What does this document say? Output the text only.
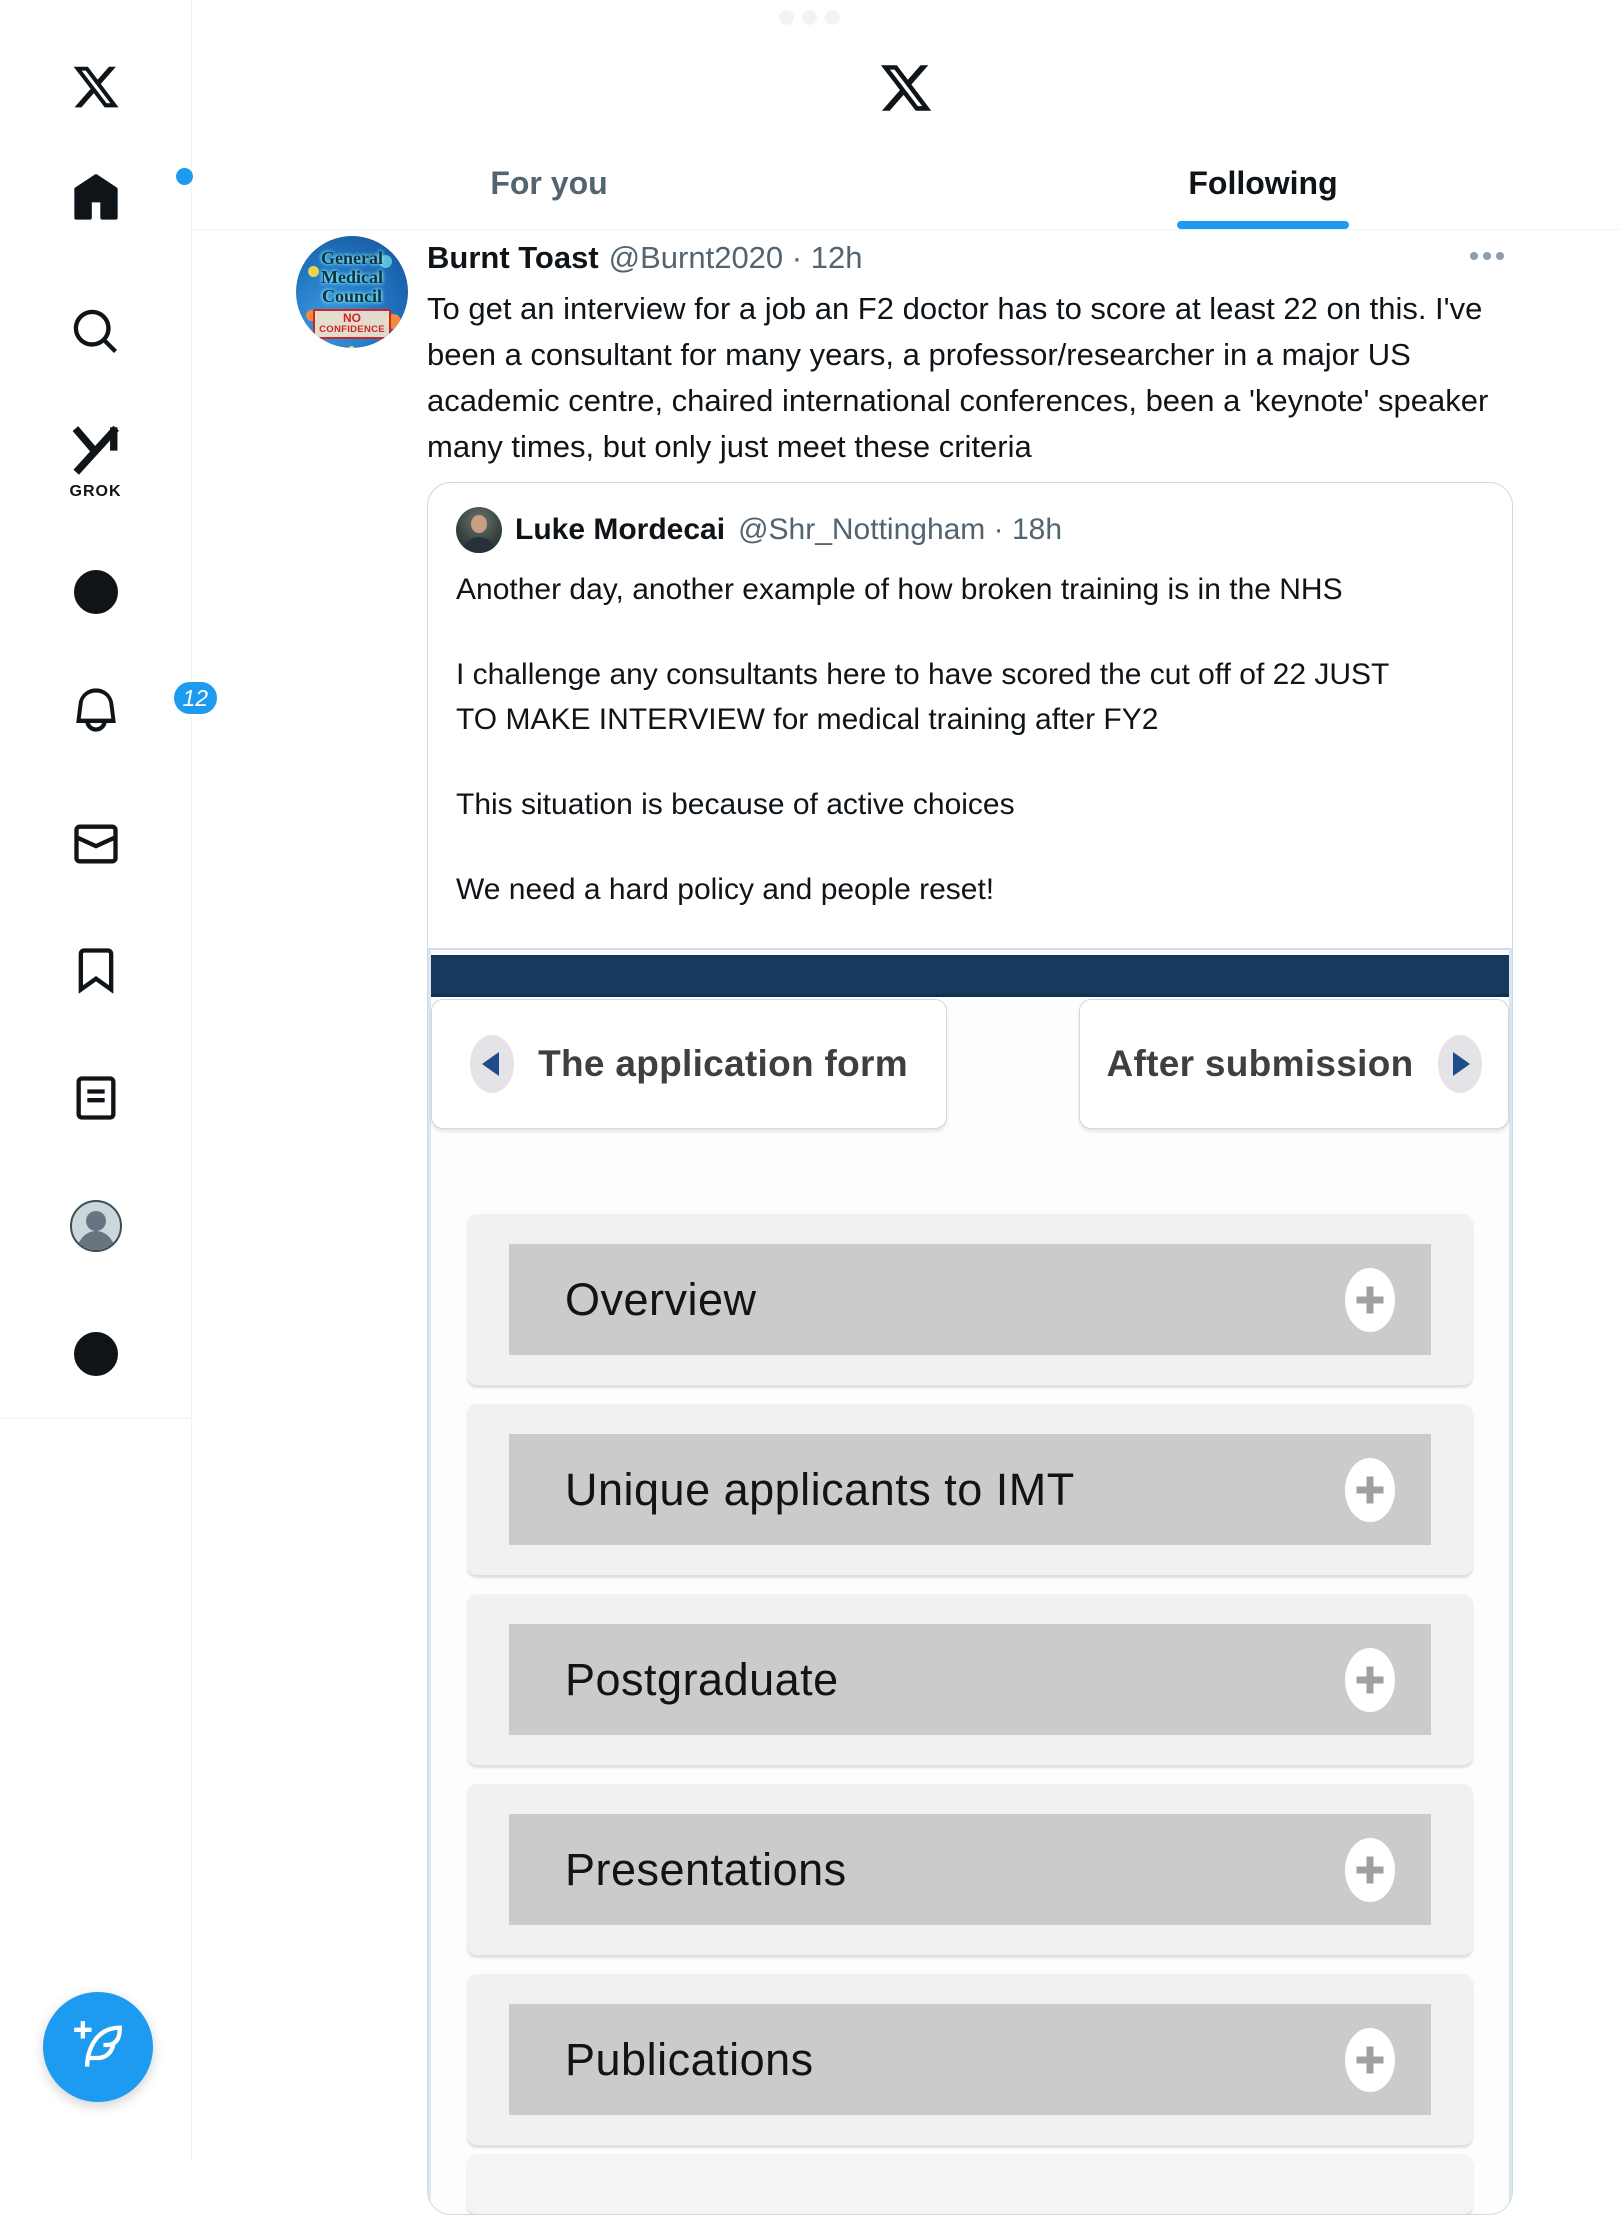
GROK
12
For you	Following
General
Medical
Council
NO
CONFIDENCE
Burnt Toast @Burnt2020 · 12h

To get an interview for a job an F2 doctor has to score at least 22 on this. I've been a consultant for many years, a professor/researcher in a major US academic centre, chaired international conferences, been a 'keynote' speaker many times, but only just meet these criteria

Luke Mordecai @Shr_Nottingham · 18h

Another day, another example of how broken training is in the NHS

I challenge any consultants here to have scored the cut off of 22 JUST TO MAKE INTERVIEW for medical training after FY2

This situation is because of active choices

We need a hard policy and people reset!

The application form	After submission
Overview
Unique applicants to IMT
Postgraduate
Presentations
Publications
